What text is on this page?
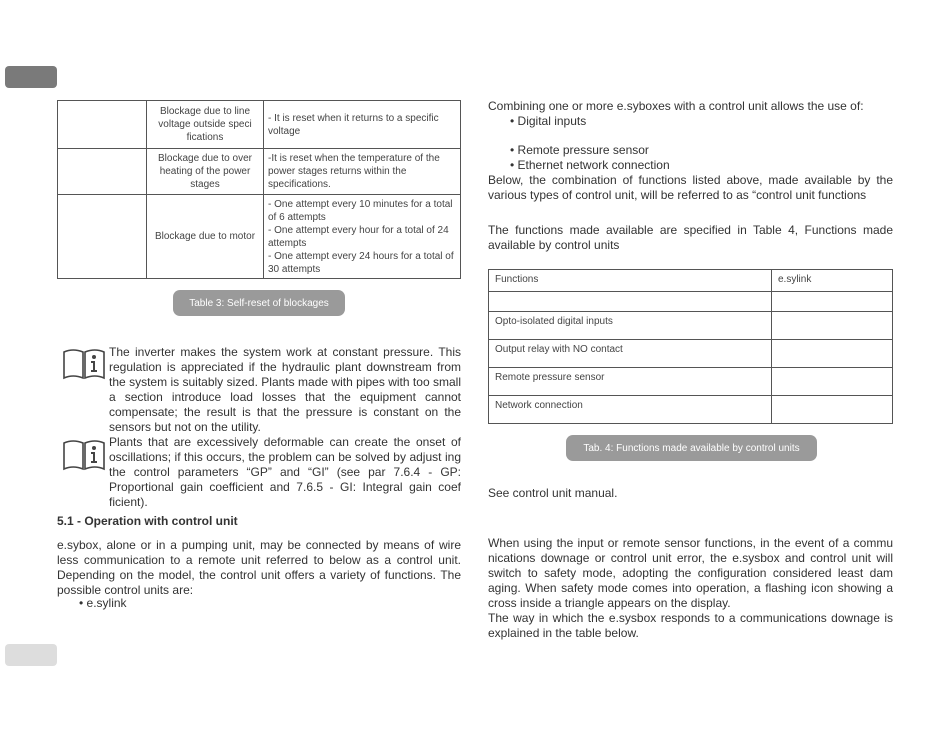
	Blockage due to line voltage outside speci fications	- It is reset when it returns to a specific voltage
	Blockage due to over heating of the power stages	-It is reset when the temperature of the power stages returns within the specifications.
	Blockage due to motor	- One attempt every 10 minutes for a total of 6 attempts
- One attempt every hour for a total of 24 attempts
- One attempt every 24 hours for a total of 30 attempts
Table 3: Self-reset of blockages
The inverter makes the system work at constant pressure. This regulation is appreciated if the hydraulic plant downstream from the system is suitably sized. Plants made with pipes with too small a section introduce load losses that the equipment cannot compensate; the result is that the pressure is constant on the sensors but not on the utility.
Plants that are excessively deformable can create the onset of oscillations; if this occurs, the problem can be solved by adjust ing the control parameters “GP” and “GI” (see par 7.6.4 - GP: Proportional gain coefficient and 7.6.5 - GI: Integral gain coef ficient).
5.1 - Operation with control unit
e.sybox, alone or in a pumping unit, may be connected by means of wire less communication to a remote unit referred to below as a control unit. Depending on the model, the control unit offers a variety of functions. The possible control units are:
• e.sylink
Combining one or more e.syboxes with a control unit allows the use of:
• Digital inputs
• Remote pressure sensor
• Ethernet network connection
Below, the combination of functions listed above, made available by the various types of control unit, will be referred to as “control unit functions
The functions made available are specified in Table 4, Functions made available by control units
Functions	e.sylink

Opto-isolated digital inputs	
Output relay with NO contact	
Remote pressure sensor	
Network connection	
Tab. 4: Functions made available by control units
See control unit manual.
When using the input or remote sensor functions, in the event of a commu nications downage or control unit error, the e.sysbox and control unit will switch to safety mode, adopting the configuration considered least dam aging. When safety mode comes into operation, a flashing icon showing a cross inside a triangle appears on the display.
The way in which the e.sysbox responds to a communications downage is explained in the table below.
